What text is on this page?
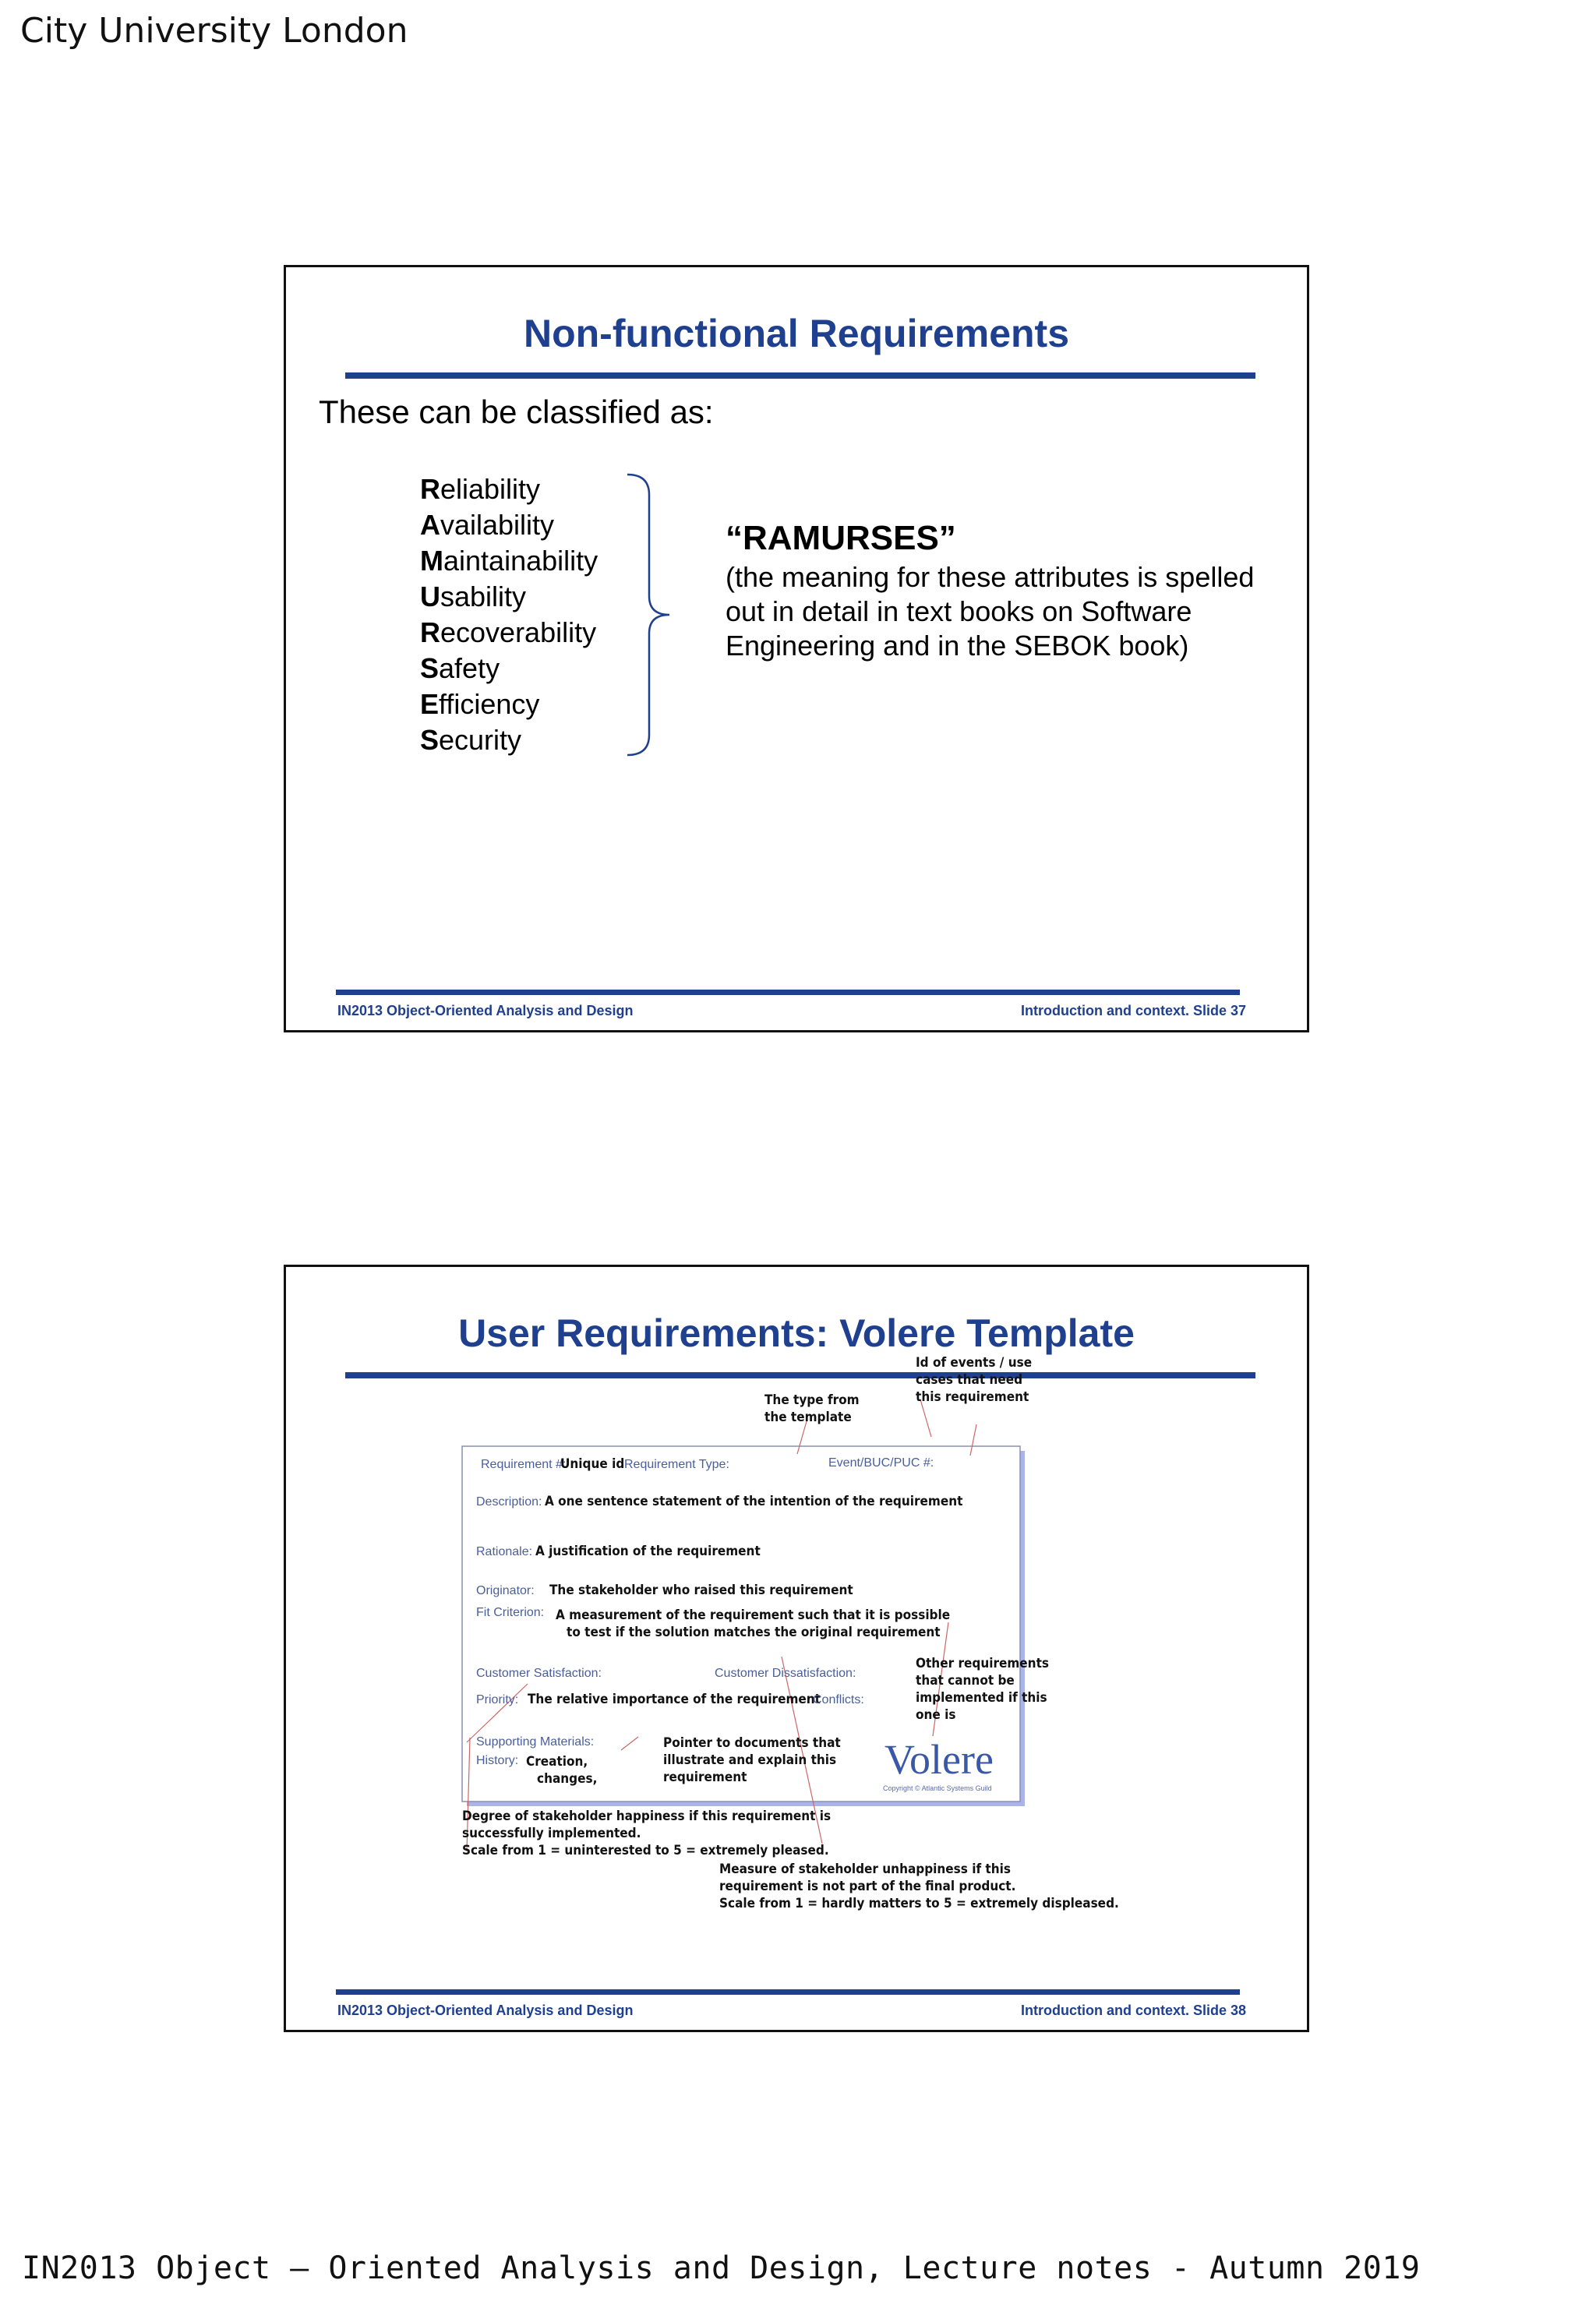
City University London
Non-functional Requirements
These can be classified as:
Reliability
Availability
Maintainability
Usability
Recoverability
Safety
Efficiency
Security
“RAMURSES”
(the meaning for these attributes is spelled out in detail in text books on Software Engineering and in the SEBOK book)
IN2013 Object-Oriented Analysis and Design	Introduction and context. Slide 37
User Requirements: Volere Template
The type from the template
Id of events / use cases that need this requirement
Requirement #:
Unique id Requirement Type:	Event/BUC/PUC #:
Description: A one sentence statement of the intention of the requirement
Rationale: A justification of the requirement
Originator: The stakeholder who raised this requirement
Fit Criterion: A measurement of the requirement such that it is possible to test if the solution matches the original requirement
Customer Satisfaction:	Customer Dissatisfaction:
Other requirements that cannot be implemented if this one is
Priority: The relative importance of the requirement
Conflicts:
Supporting Materials:
History: Creation, changes,
Pointer to documents that illustrate and explain this requirement	Volere
Copyright © Atlantic Systems Guild
Degree of stakeholder happiness if this requirement is successfully implemented. Scale from 1 = uninterested to 5 = extremely pleased.
Measure of stakeholder unhappiness if this requirement is not part of the final product. Scale from 1 = hardly matters to 5 = extremely displeased.
IN2013 Object-Oriented Analysis and Design	Introduction and context. Slide 38
IN2013 Object – Oriented Analysis and Design, Lecture notes - Autumn 2019
